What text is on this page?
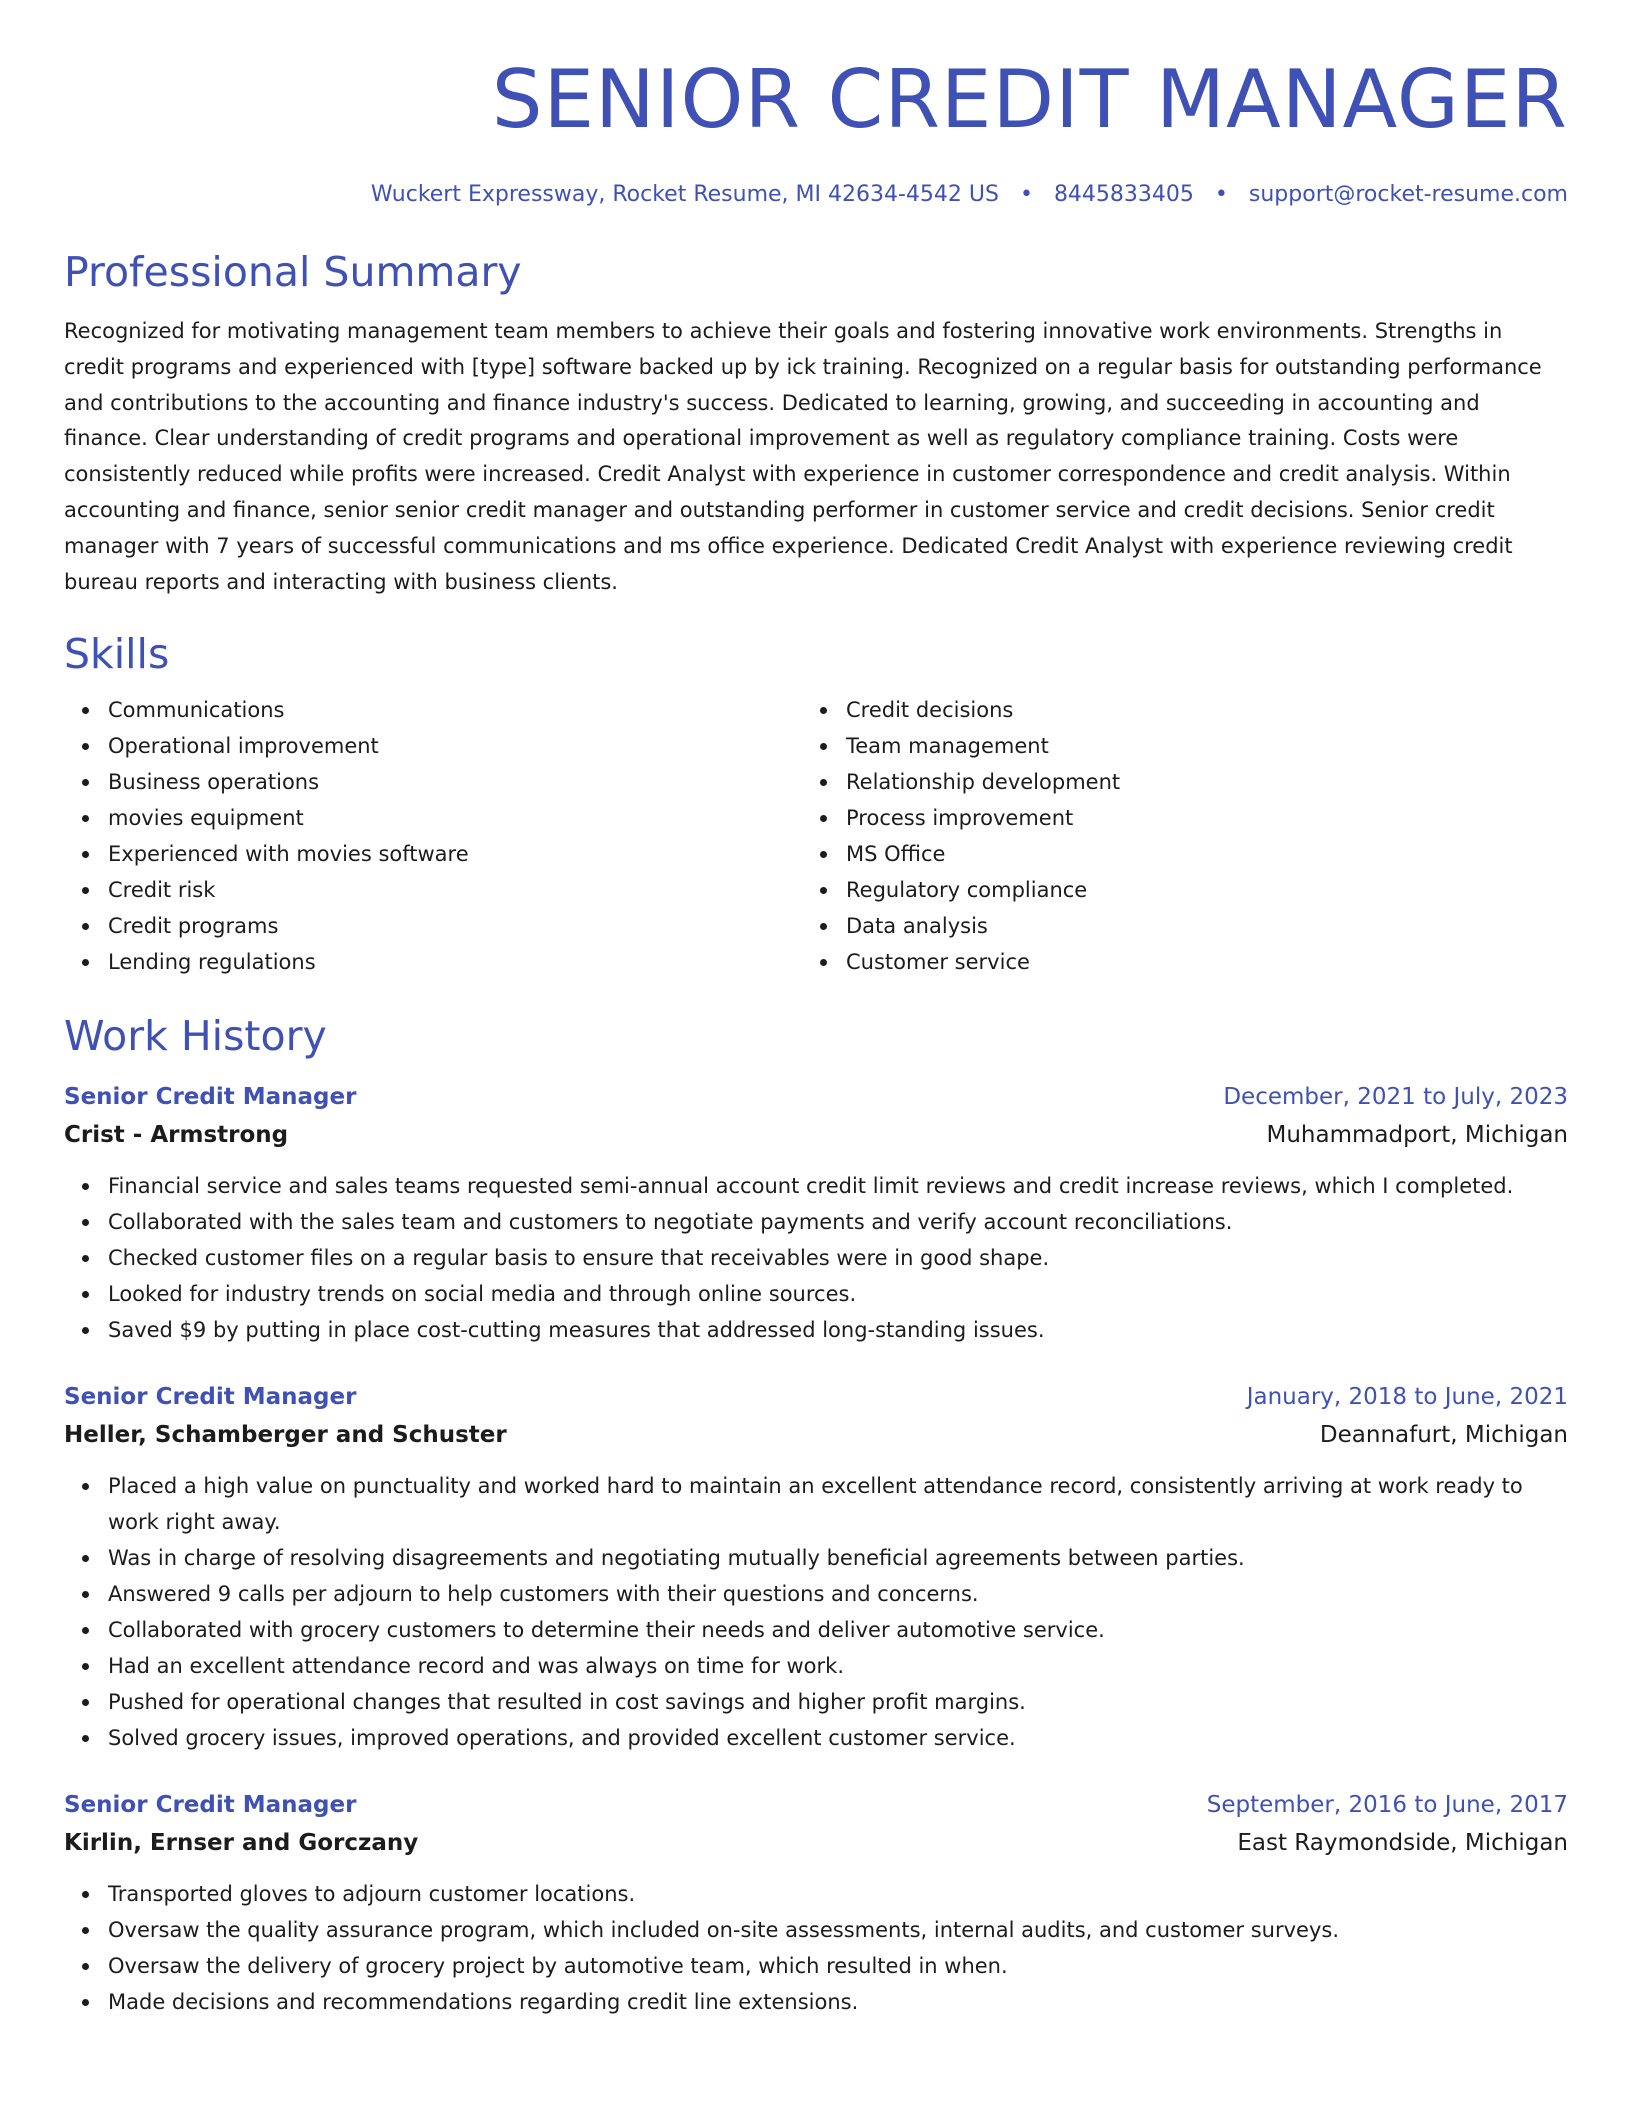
SENIOR CREDIT MANAGER
Wuckert Expressway, Rocket Resume, MI 42634-4542 US • 8445833405 • support@rocket-resume.com
Professional Summary

Recognized for motivating management team members to achieve their goals and fostering innovative work environments. Strengths in credit programs and experienced with [type] software backed up by ick training. Recognized on a regular basis for outstanding performance and contributions to the accounting and finance industry's success. Dedicated to learning, growing, and succeeding in accounting and finance. Clear understanding of credit programs and operational improvement as well as regulatory compliance training. Costs were consistently reduced while profits were increased. Credit Analyst with experience in customer correspondence and credit analysis. Within accounting and finance, senior senior credit manager and outstanding performer in customer service and credit decisions. Senior credit manager with 7 years of successful communications and ms office experience. Dedicated Credit Analyst with experience reviewing credit bureau reports and interacting with business clients.

Skills
Communications
Operational improvement
Business operations
movies equipment
Experienced with movies software
Credit risk
Credit programs
Lending regulations
Credit decisions
Team management
Relationship development
Process improvement
MS Office
Regulatory compliance
Data analysis
Customer service
Work History
Senior Credit Manager	December, 2021 to July, 2023
Crist - Armstrong	Muhammadport, Michigan
Financial service and sales teams requested semi-annual account credit limit reviews and credit increase reviews, which I completed.
Collaborated with the sales team and customers to negotiate payments and verify account reconciliations.
Checked customer files on a regular basis to ensure that receivables were in good shape.
Looked for industry trends on social media and through online sources.
Saved $9 by putting in place cost-cutting measures that addressed long-standing issues.
Senior Credit Manager	January, 2018 to June, 2021
Heller, Schamberger and Schuster	Deannafurt, Michigan
Placed a high value on punctuality and worked hard to maintain an excellent attendance record, consistently arriving at work ready to work right away.
Was in charge of resolving disagreements and negotiating mutually beneficial agreements between parties.
Answered 9 calls per adjourn to help customers with their questions and concerns.
Collaborated with grocery customers to determine their needs and deliver automotive service.
Had an excellent attendance record and was always on time for work.
Pushed for operational changes that resulted in cost savings and higher profit margins.
Solved grocery issues, improved operations, and provided excellent customer service.
Senior Credit Manager	September, 2016 to June, 2017
Kirlin, Ernser and Gorczany	East Raymondside, Michigan
Transported gloves to adjourn customer locations.
Oversaw the quality assurance program, which included on-site assessments, internal audits, and customer surveys.
Oversaw the delivery of grocery project by automotive team, which resulted in when.
Made decisions and recommendations regarding credit line extensions.
